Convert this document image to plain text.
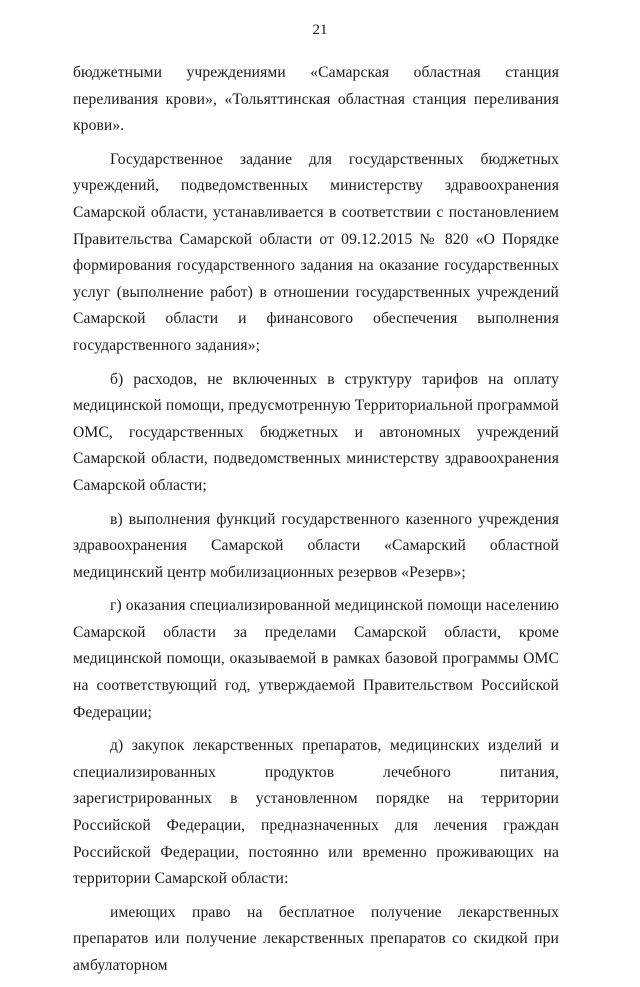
21

бюджетными учреждениями «Самарская областная станция переливания крови», «Тольяттинская областная станция переливания крови».

Государственное задание для государственных бюджетных учреждений, подведомственных министерству здравоохранения Самарской области, устанавливается в соответствии с постановлением Правительства Самарской области от 09.12.2015 № 820 «О Порядке формирования государственного задания на оказание государственных услуг (выполнение работ) в отношении государственных учреждений Самарской области и финансового обеспечения выполнения государственного задания»;

б) расходов, не включенных в структуру тарифов на оплату медицинской помощи, предусмотренную Территориальной программой ОМС, государственных бюджетных и автономных учреждений Самарской области, подведомственных министерству здравоохранения Самарской области;

в) выполнения функций государственного казенного учреждения здравоохранения Самарской области «Самарский областной медицинский центр мобилизационных резервов «Резерв»;

г) оказания специализированной медицинской помощи населению Самарской области за пределами Самарской области, кроме медицинской помощи, оказываемой в рамках базовой программы ОМС на соответствующий год, утверждаемой Правительством Российской Федерации;

д) закупок лекарственных препаратов, медицинских изделий и специализированных продуктов лечебного питания, зарегистрированных в установленном порядке на территории Российской Федерации, предназначенных для лечения граждан Российской Федерации, постоянно или временно проживающих на территории Самарской области:

имеющих право на бесплатное получение лекарственных препаратов или получение лекарственных препаратов со скидкой при амбулаторном
